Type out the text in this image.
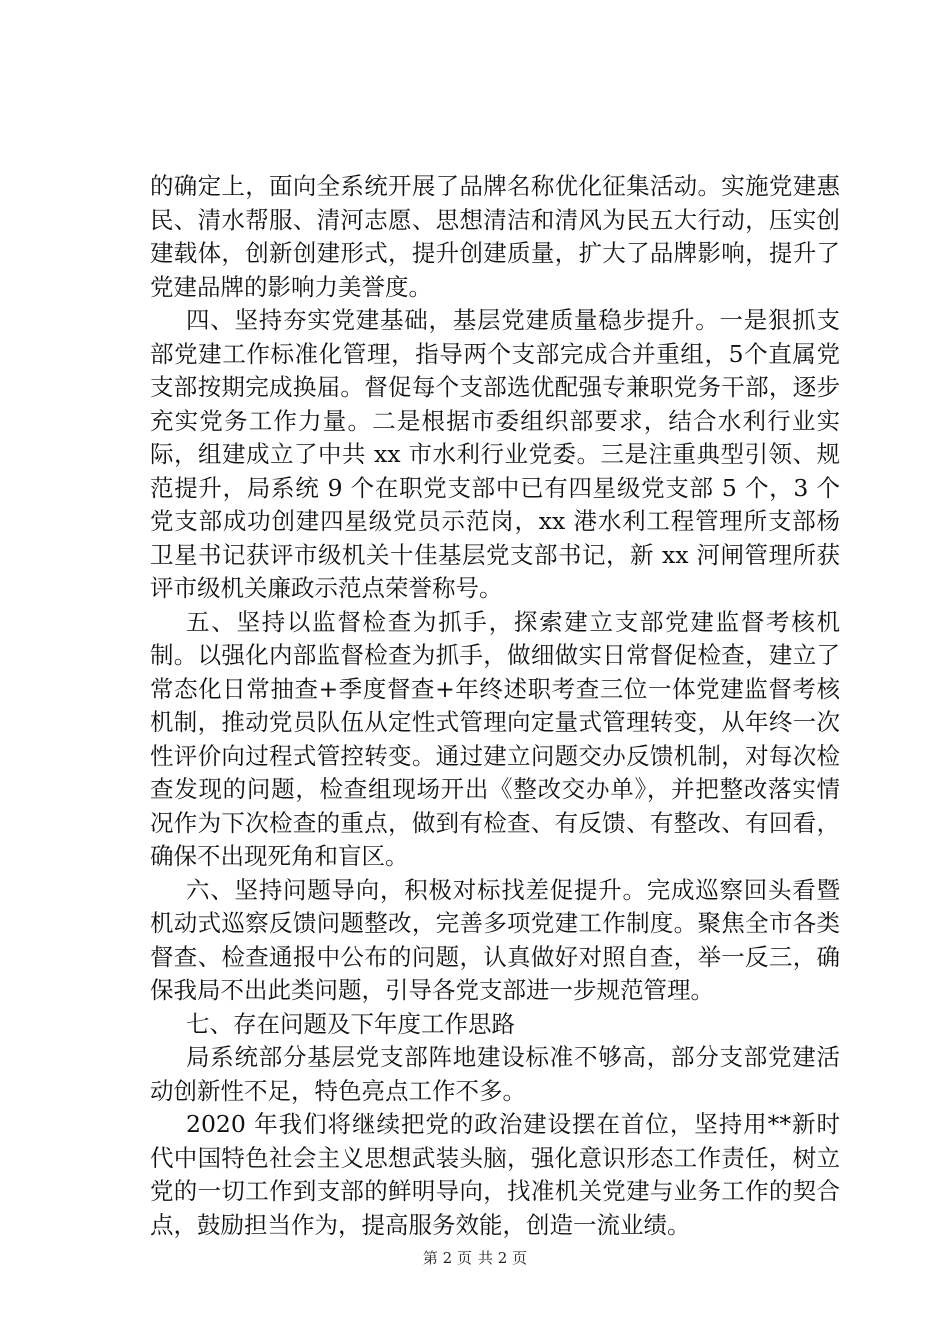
的确定上，面向全系统开展了品牌名称优化征集活动。实施党建惠民、清水帮服、清河志愿、思想清洁和清风为民五大行动，压实创建载体，创新创建形式，提升创建质量，扩大了品牌影响，提升了党建品牌的影响力美誉度。

四、坚持夯实党建基础，基层党建质量稳步提升。一是狠抓支部党建工作标准化管理，指导两个支部完成合并重组，5个直属党支部按期完成换届。督促每个支部选优配强专兼职党务干部，逐步充实党务工作力量。二是根据市委组织部要求，结合水利行业实际，组建成立了中共 xx 市水利行业党委。三是注重典型引领、规范提升，局系统 9 个在职党支部中已有四星级党支部 5 个，3 个党支部成功创建四星级党员示范岗，xx 港水利工程管理所支部杨卫星书记获评市级机关十佳基层党支部书记，新 xx 河闸管理所获评市级机关廉政示范点荣誉称号。

五、坚持以监督检查为抓手，探索建立支部党建监督考核机制。以强化内部监督检查为抓手，做细做实日常督促检查，建立了常态化日常抽查+季度督查+年终述职考查三位一体党建监督考核机制，推动党员队伍从定性式管理向定量式管理转变，从年终一次性评价向过程式管控转变。通过建立问题交办反馈机制，对每次检查发现的问题，检查组现场开出《整改交办单》，并把整改落实情况作为下次检查的重点，做到有检查、有反馈、有整改、有回看，确保不出现死角和盲区。

六、坚持问题导向，积极对标找差促提升。完成巡察回头看暨机动式巡察反馈问题整改，完善多项党建工作制度。聚焦全市各类督查、检查通报中公布的问题，认真做好对照自查，举一反三，确保我局不出此类问题，引导各党支部进一步规范管理。

七、存在问题及下年度工作思路

局系统部分基层党支部阵地建设标准不够高，部分支部党建活动创新性不足，特色亮点工作不多。

2020 年我们将继续把党的政治建设摆在首位，坚持用**新时代中国特色社会主义思想武装头脑，强化意识形态工作责任，树立党的一切工作到支部的鲜明导向，找准机关党建与业务工作的契合点，鼓励担当作为，提高服务效能，创造一流业绩。

第 2 页 共 2 页
